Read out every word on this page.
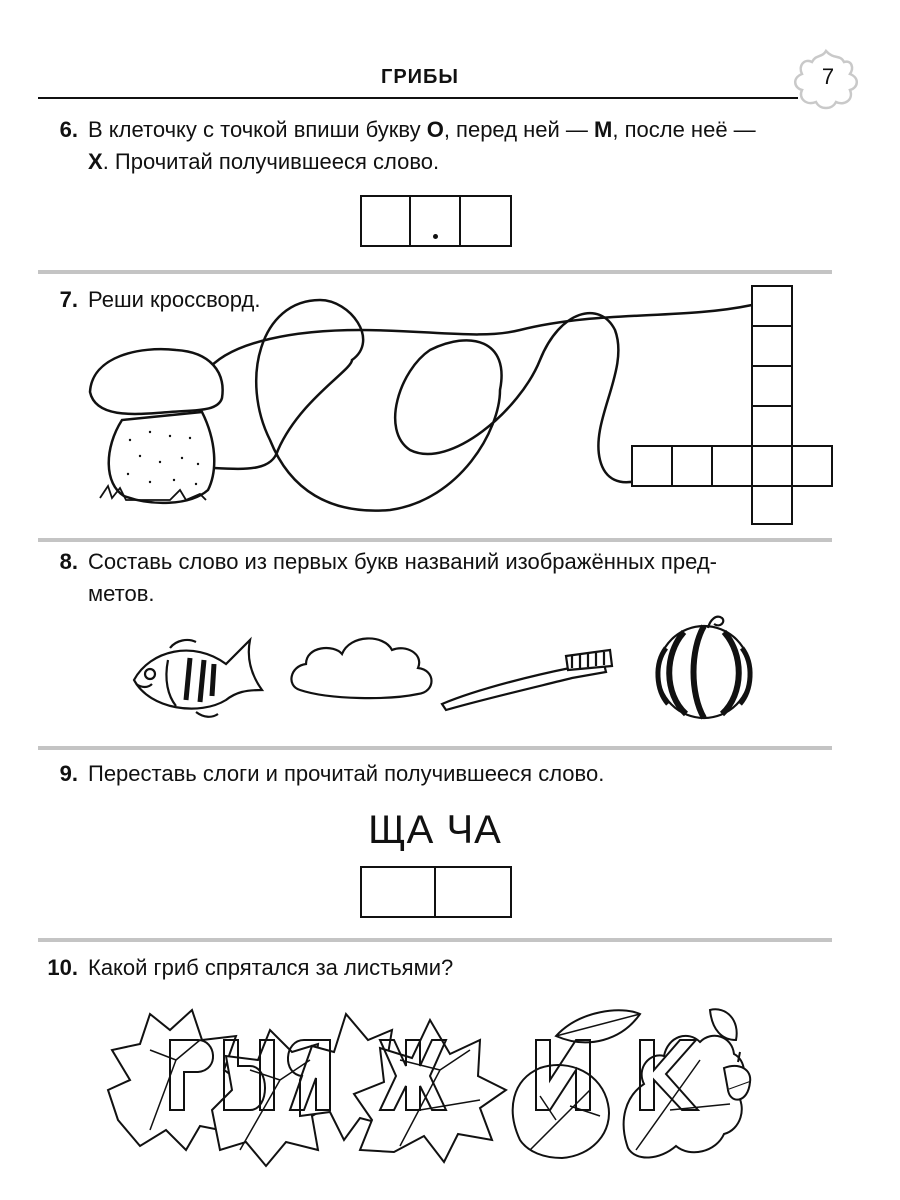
ГРИБЫ	7
6. В клеточку с точкой впиши букву О, перед ней — М, после неё —
Х. Прочитай получившееся слово.
7. Реши кроссворд.
8. Составь слово из первых букв названий изображённых пред-
метов.
9. Переставь слоги и прочитай получившееся слово.
ЩА ЧА
10. Какой гриб спрятался за листьями?
